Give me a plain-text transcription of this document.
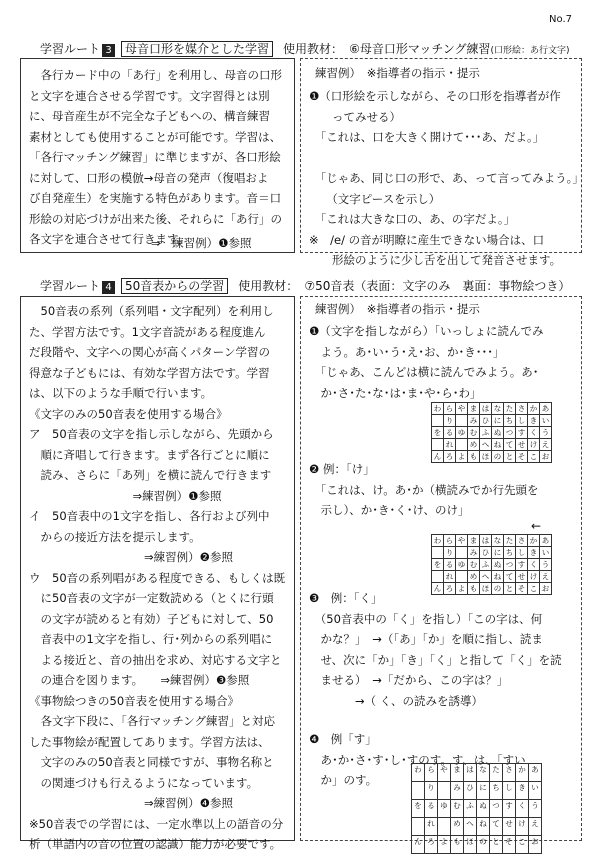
No.7
学習ルート 3 母音口形を媒介とした学習 使用教材：　 ⑥母音口形マッチング練習(口形絵：あ行文字)
　各行カード中の「あ行」を利用し、母音の口形
と文字を連合させる学習です。文字習得とは別
に、母音産生が不完全な子どもへの、構音練習
素材としても使用することが可能です。学習は、
「各行マッチング練習」に準じますが、各口形絵
に対して、口形の模倣→母音の発声（復唱およ
び自発産生）を実施する特色があります。音＝口
形絵の対応づけが出来た後、それらに「あ行」の
各文字を連合させて行きます。
⇒　練習例）❶参照
練習例）　※指導者の指示・提示
❶（口形絵を示しながら、その口形を指導者が作
　　ってみせる）
　「これは、口を大きく開けて･･･あ、だよ。」

　「じゃあ、同じ口の形で、あ、って言ってみよう。」
　　（文字ピースを示し）
　「これは大きな口の、あ、の字だよ。」
※　/e/ の音が明瞭に産生できない場合は、口
　　形絵のように少し舌を出して発音させます。
学習ルート 4 50音表からの学習 使用教材：　 ⑦50音表（表面：文字のみ　裏面：事物絵つき）
　50音表の系列（系列唱・文字配列）を利用し
た、学習方法です。1文字音読がある程度進ん
だ段階や、文字への関心が高くパターン学習の
得意な子どもには、有効な学習方法です。学習
は、以下のような手順で行います。
《文字のみの50音表を使用する場合》
ア　50音表の文字を指し示しながら、先頭から
　順に斉唱して行きます。まず各行ごとに順に
　読み、さらに「あ列」を横に読んで行きます
　　　　　　　　　⇒練習例）❶参照
イ　50音表中の1文字を指し、各行および列中
　からの接近方法を提示します。
　　　　　　　　　　⇒練習例）❷参照
ウ　50音の系列唱がある程度できる、もしくは既
　に50音表の文字が一定数読める（とくに行頭
　の文字が読めると有効）子どもに対して、50
　音表中の1文字を指し、行･列からの系列唱に
　よる接近と、音の抽出を求め、対応する文字と
　の連合を図ります。　　⇒練習例）❸参照
《事物絵つきの50音表を使用する場合》
　各文字下段に、「各行マッチング練習」と対応
した事物絵が配置してあります。学習方法は、
　文字のみの50音表と同様ですが、事物名称と
　の関連づけも行えるようになっています。
　　　　　　　　　　⇒練習例）❹参照
※50音表での学習には、一定水準以上の語音の分
析（単語内の音の位置の認識）能力が必要です。
練習例）　※指導者の指示・提示
❶（文字を指しながら）「いっしょに読んでみ
　よう。あ･い･う･え･お、か･き･･･」
　「じゃあ、こんどは横に読んでみよう。あ･
　か･さ･た･な･は･ま･や･ら･わ」
わ	ら	や	ま	は	な	た	さ	か	あ
	り		み	ひ	に	ち	し	き	い
を	る	ゆ	む	ふ	ぬ	つ	す	く	う
	れ		め	へ	ね	て	せ	け	え
ん	ろ	よ	も	ほ	の	と	そ	こ	お
❷ 例：「け」
　「これは、け。あ･か（横読みでか行先頭を
　示し）、か･き･く･け、のけ」
←
わ	ら	や	ま	は	な	た	さ	か	あ
	り		み	ひ	に	ち	し	き	い
を	る	ゆ	む	ふ	ぬ	つ	す	く	う
	れ		め	へ	ね	て	せ	け	え
ん	ろ	よ	も	ほ	の	と	そ	こ	お
❸　例：「く」
　（50音表中の「く」を指し）「この字は、何
　かな？」　→（「あ」「か」を順に指し、読ま
　せ、次に「か」「き」「く」と指して「く」を読
　ませる）　→「だから、この字は？」
　　　　→（ く、の読みを誘導）
❹　例「す」
　あ･か･さ･す･し･すのす。す、は、「すい
　か」のす。
わ	ら	や	ま	は	な	た	さ	か	あ
	り		み	ひ	に	ち	し	き	い
を	る	ゆ	む	ふ	ぬ	つ	す	く	う
	れ		め	へ	ね	て	せ	け	え
ん	ろ	よ	も	ほ	の	と	そ	こ	お
